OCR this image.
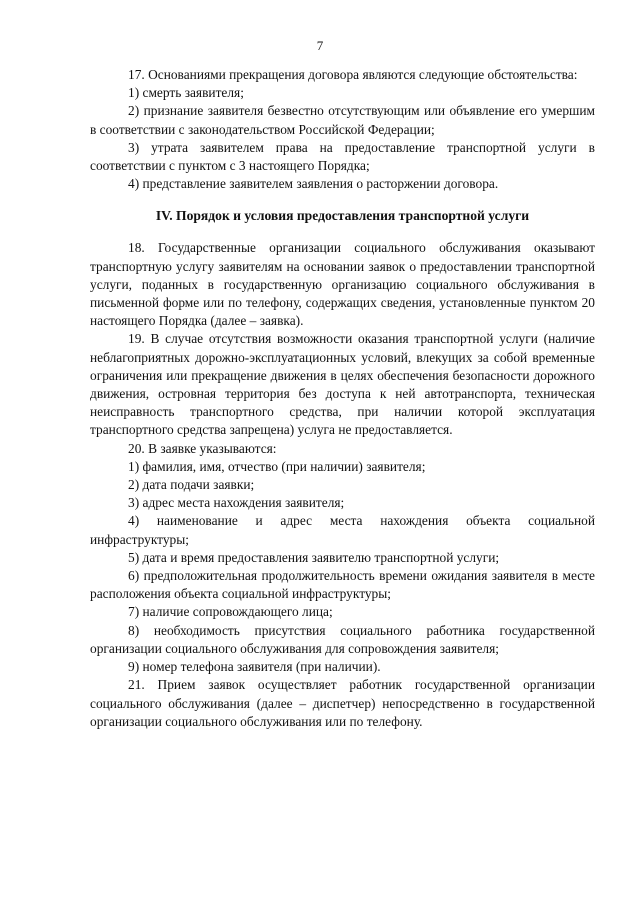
7

17. Основаниями прекращения договора являются следующие обстоятельства:

1) смерть заявителя;

2) признание заявителя безвестно отсутствующим или объявление его умершим в соответствии с законодательством Российской Федерации;

3) утрата заявителем права на предоставление транспортной услуги в соответствии с пунктом с 3 настоящего Порядка;

4) представление заявителем заявления о расторжении договора.

IV. Порядок и условия предоставления транспортной услуги

18. Государственные организации социального обслуживания оказывают транспортную услугу заявителям на основании заявок о предоставлении транспортной услуги, поданных в государственную организацию социального обслуживания в письменной форме или по телефону, содержащих сведения, установленные пунктом 20 настоящего Порядка (далее – заявка).

19. В случае отсутствия возможности оказания транспортной услуги (наличие неблагоприятных дорожно-эксплуатационных условий, влекущих за собой временные ограничения или прекращение движения в целях обеспечения безопасности дорожного движения, островная территория без доступа к ней автотранспорта, техническая неисправность транспортного средства, при наличии которой эксплуатация транспортного средства запрещена) услуга не предоставляется.

20. В заявке указываются:

1) фамилия, имя, отчество (при наличии) заявителя;

2) дата подачи заявки;

3) адрес места нахождения заявителя;

4) наименование и адрес места нахождения объекта социальной инфраструктуры;

5) дата и время предоставления заявителю транспортной услуги;

6) предположительная продолжительность времени ожидания заявителя в месте расположения объекта социальной инфраструктуры;

7) наличие сопровождающего лица;

8) необходимость присутствия социального работника государственной организации социального обслуживания для сопровождения заявителя;

9) номер телефона заявителя (при наличии).

21. Прием заявок осуществляет работник государственной организации социального обслуживания (далее – диспетчер) непосредственно в государственной организации социального обслуживания или по телефону.
